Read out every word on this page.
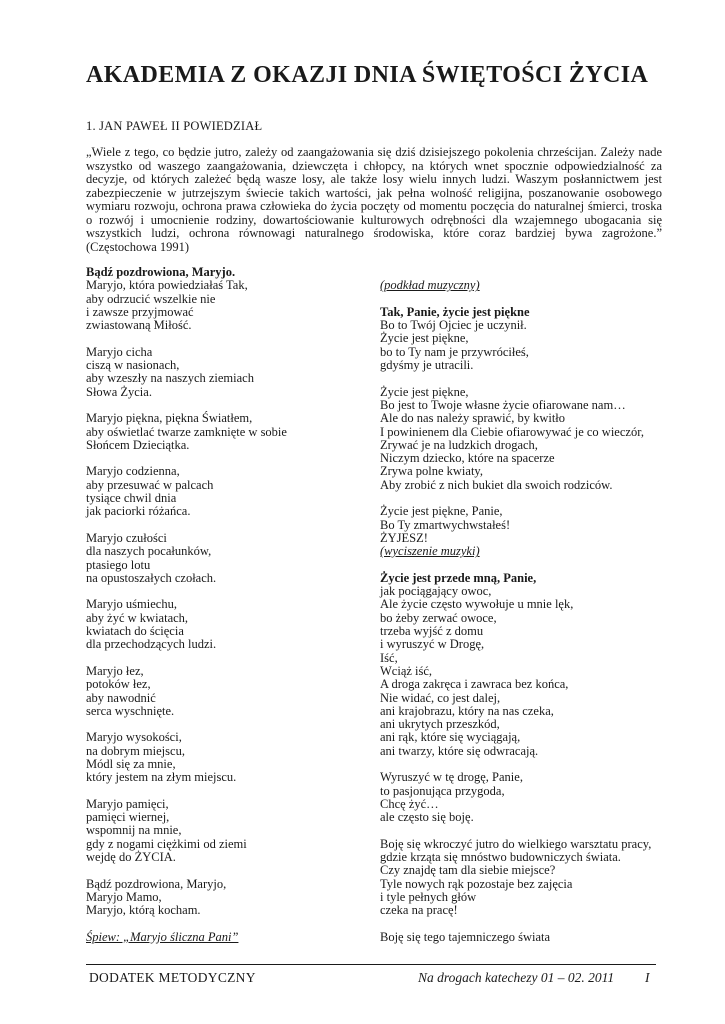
AKADEMIA Z OKAZJI DNIA ŚWIĘTOŚCI ŻYCIA
1. JAN PAWEŁ II POWIEDZIAŁ

„Wiele z tego, co będzie jutro, zależy od zaangażowania się dziś dzisiejszego pokolenia chrześcijan. Zależy nade wszystko od waszego zaangażowania, dziewczęta i chłopcy, na których wnet spocznie odpowiedzialność za decyzje, od których zależeć będą wasze losy, ale także losy wielu innych ludzi. Waszym posłannictwem jest zabezpieczenie w jutrzejszym świecie takich wartości, jak pełna wolność religijna, poszanowanie osobowego wymiaru rozwoju, ochrona prawa człowieka do życia poczęty od momentu poczęcia do naturalnej śmierci, troska o rozwój i umocnienie rodziny, dowartościowanie kulturowych odrębności dla wzajemnego ubogacania się wszystkich ludzi, ochrona równowagi naturalnego środowiska, które coraz bardziej bywa zagrożone.” (Częstochowa 1991)

Bądź pozdrowiona, Maryjo.
Maryjo, która powiedziałaś Tak,
aby odrzucić wszelkie nie
i zawsze przyjmować
zwiastowaną Miłość.

Maryjo cicha
ciszą w nasionach,
aby wzeszły na naszych ziemiach
Słowa Życia.

Maryjo piękna, piękna Światłem,
aby oświetlać twarze zamknięte w sobie
Słońcem Dzieciątka.

Maryjo codzienna,
aby przesuwać w palcach
tysiące chwil dnia
jak paciorki różańca.

Maryjo czułości
dla naszych pocałunków,
ptasiego lotu
na opustoszałych czołach.

Maryjo uśmiechu,
aby żyć w kwiatach,
kwiatach do ścięcia
dla przechodzących ludzi.

Maryjo łez,
potoków łez,
aby nawodnić
serca wyschnięte.

Maryjo wysokości,
na dobrym miejscu,
Módl się za mnie,
który jestem na złym miejscu.

Maryjo pamięci,
pamięci wiernej,
wspomnij na mnie,
gdy z nogami ciężkimi od ziemi
wejdę do ŻYCIA.

Bądź pozdrowiona, Maryjo,
Maryjo Mamo,
Maryjo, którą kocham.

Śpiew: „Maryjo śliczna Pani”

(podkład muzyczny)

Tak, Panie, życie jest piękne
Bo to Twój Ojciec je uczynił.
Życie jest piękne,
bo to Ty nam je przywróciłeś,
gdyśmy je utracili.

Życie jest piękne,
Bo jest to Twoje własne życie ofiarowane nam…
Ale do nas należy sprawić, by kwitło
I powinienem dla Ciebie ofiarowywać je co wieczór,
Zrywać je na ludzkich drogach,
Niczym dziecko, które na spacerze
Zrywa polne kwiaty,
Aby zrobić z nich bukiet dla swoich rodziców.

Życie jest piękne, Panie,
Bo Ty zmartwychwstałeś!
ŻYJESZ!
(wyciszenie muzyki)

Życie jest przede mną, Panie,
jak pociągający owoc,
Ale życie często wywołuje u mnie lęk,
bo żeby zerwać owoce,
trzeba wyjść z domu
i wyruszyć w Drogę,
Iść,
Wciąż iść,
A droga zakręca i zawraca bez końca,
Nie widać, co jest dalej,
ani krajobrazu, który na nas czeka,
ani ukrytych przeszkód,
ani rąk, które się wyciągają,
ani twarzy, które się odwracają.

Wyruszyć w tę drogę, Panie,
to pasjonująca przygoda,
Chcę żyć…
ale często się boję.

Boję się wkroczyć jutro do wielkiego warsztatu pracy,
gdzie krząta się mnóstwo budowniczych świata.
Czy znajdę tam dla siebie miejsce?
Tyle nowych rąk pozostaje bez zajęcia
i tyle pełnych głów
czeka na pracę!

Boję się tego tajemniczego świata

DODATEK METODYCZNY	Na drogach katechezy 01 – 02. 2011 I
